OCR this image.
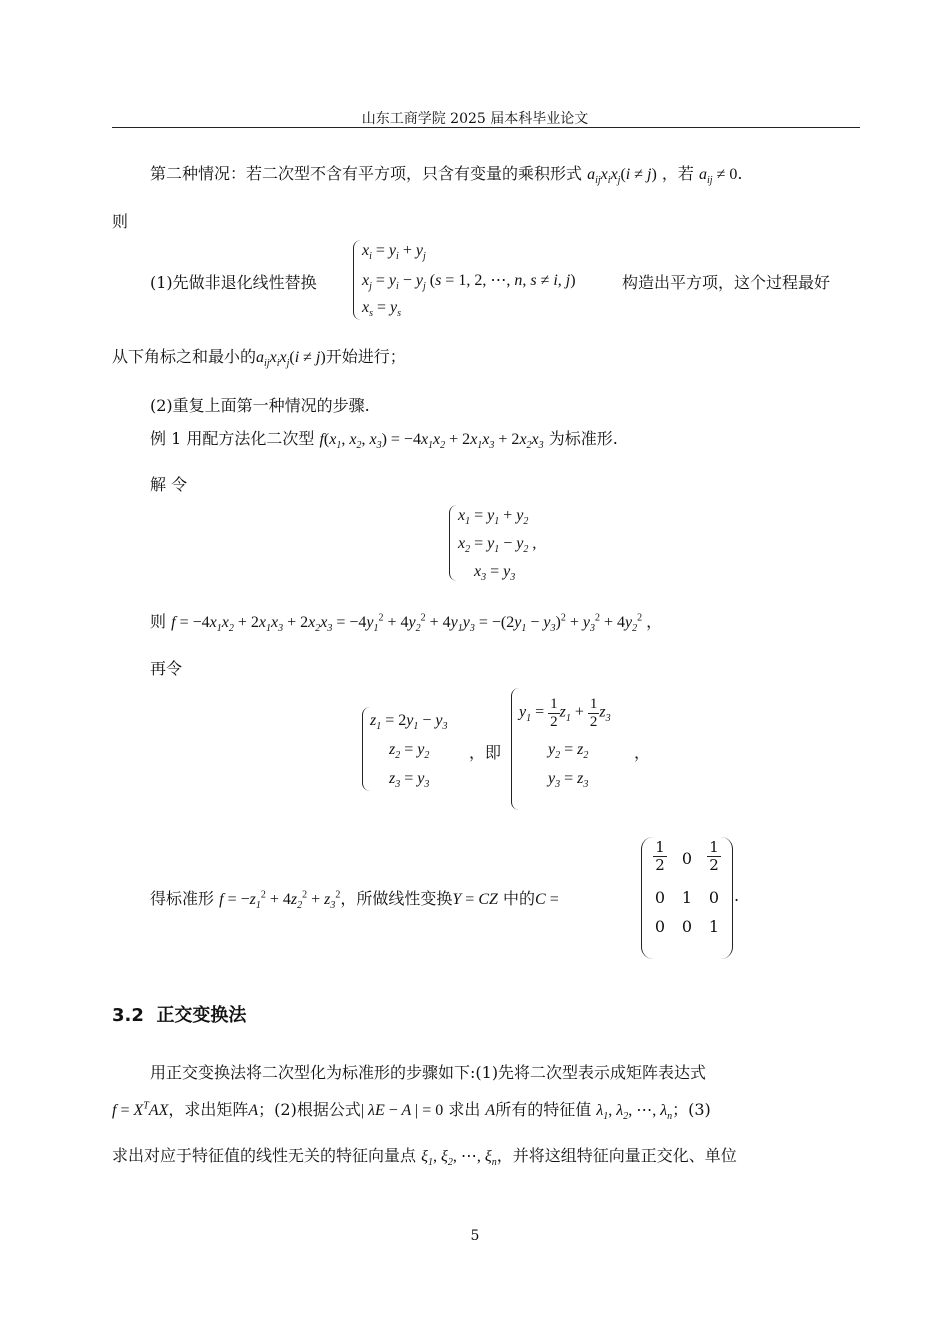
山东工商学院 2025 届本科毕业论文
第二种情况：若二次型不含有平方项，只含有变量的乘积形式 $a_{ij}x_ix_j(i \ne j)$ ，若 $a_{ij} \ne 0$.
则
(1)先做非退化线性替换
$x_i = y_i + y_j$
$x_j = y_i - y_j$ (s = 1, 2, ⋯, n, s ≠ i, j)
$x_s = y_s$
构造出平方项，这个过程最好
从下角标之和最小的$a_{ij}x_ix_j(i \ne j)$开始进行；
(2)重复上面第一种情况的步骤.
例 1 用配方法化二次型 $f(x_1$, $x_2$, $x_3) = -4x_1x_2 + 2x_1x_3 + 2x_2x_3$ 为标准形.
解 令
$x_1 = y_1 + y_2$
$x_2 = y_1 - y_2$ ,
$x_3 = y_3$
则 $f = -4x_1x_2 + 2x_1x_3 + 2x_2x_3 = -4y_1^2 + 4y_2^2 + 4y_1y_3 = -(2y_1 - y_3)^2 + y_3^2 + 4y_2^2$ ，
再令
$z_1 = 2y_1 - y_3$
$z_2 = y_2$
$z_3 = y_3$
，即
$y_1 = \frac{1}{2} z_1 + \frac{1}{2} z_3$
$y_2 = z_2$
$y_3 = z_3$
，
得标准形 $f = -z_1^2 + 4z_2^2 + z_3^2$，所做线性变换Y = CZ 中的C =
$\frac{1}{2} 0$	$\frac{1}{2}$
0	1	0
0	0	1
.
3.2 正交变换法
用正交变换法将二次型化为标准形的步骤如下:(1)先将二次型表示成矩阵表达式
$f = X^TAX$，求出矩阵A；(2)根据公式| λE − A | = 0 求出 A所有的特征值 $\lambda_1$, $\lambda_2$, ⋯, $\lambda_n$；(3)
求出对应于特征值的线性无关的特征向量点 $\xi_1$, $\xi_2$, ⋯, $\xi_n$，并将这组特征向量正交化、单位
5
